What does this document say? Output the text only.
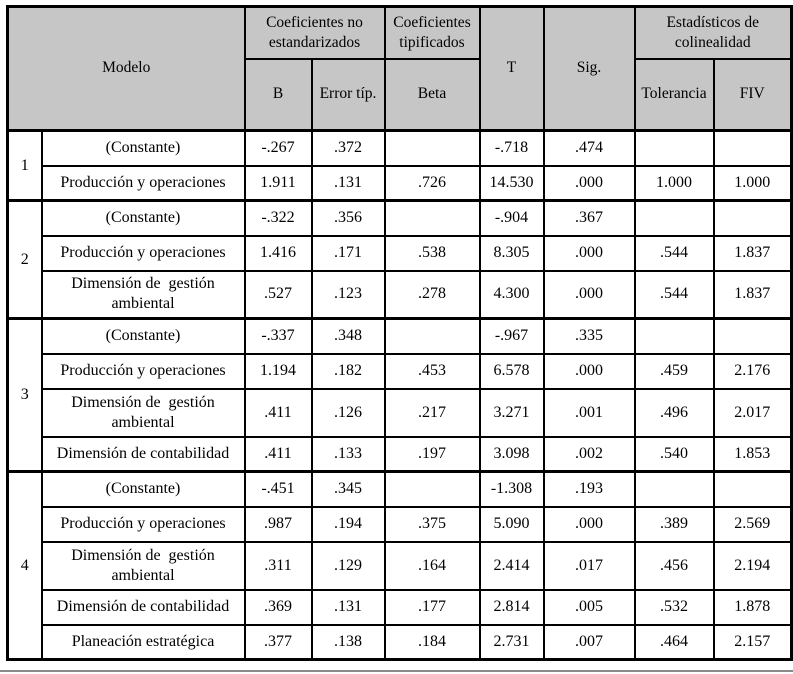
Modelo		Coeficientes no estandarizados		Coeficientes tipificados	T	Sig.	Estadísticos de colinealidad	
		B	Error típ.	Beta			Tolerancia	FIV
1	(Constante)	-.267	.372		-.718	.474		
	Producción y operaciones	1.911	.131	.726	14.530	.000	1.000	1.000
2	(Constante)	-.322	.356		-.904	.367		
	Producción y operaciones	1.416	.171	.538	8.305	.000	.544	1.837
	Dimensión de  gestión ambiental	.527	.123	.278	4.300	.000	.544	1.837
3	(Constante)	-.337	.348		-.967	.335		
	Producción y operaciones	1.194	.182	.453	6.578	.000	.459	2.176
	Dimensión de  gestión ambiental	.411	.126	.217	3.271	.001	.496	2.017
	Dimensión de contabilidad	.411	.133	.197	3.098	.002	.540	1.853
4	(Constante)	-.451	.345		-1.308	.193		
	Producción y operaciones	.987	.194	.375	5.090	.000	.389	2.569
	Dimensión de  gestión ambiental	.311	.129	.164	2.414	.017	.456	2.194
	Dimensión de contabilidad	.369	.131	.177	2.814	.005	.532	1.878
	Planeación estratégica	.377	.138	.184	2.731	.007	.464	2.157
